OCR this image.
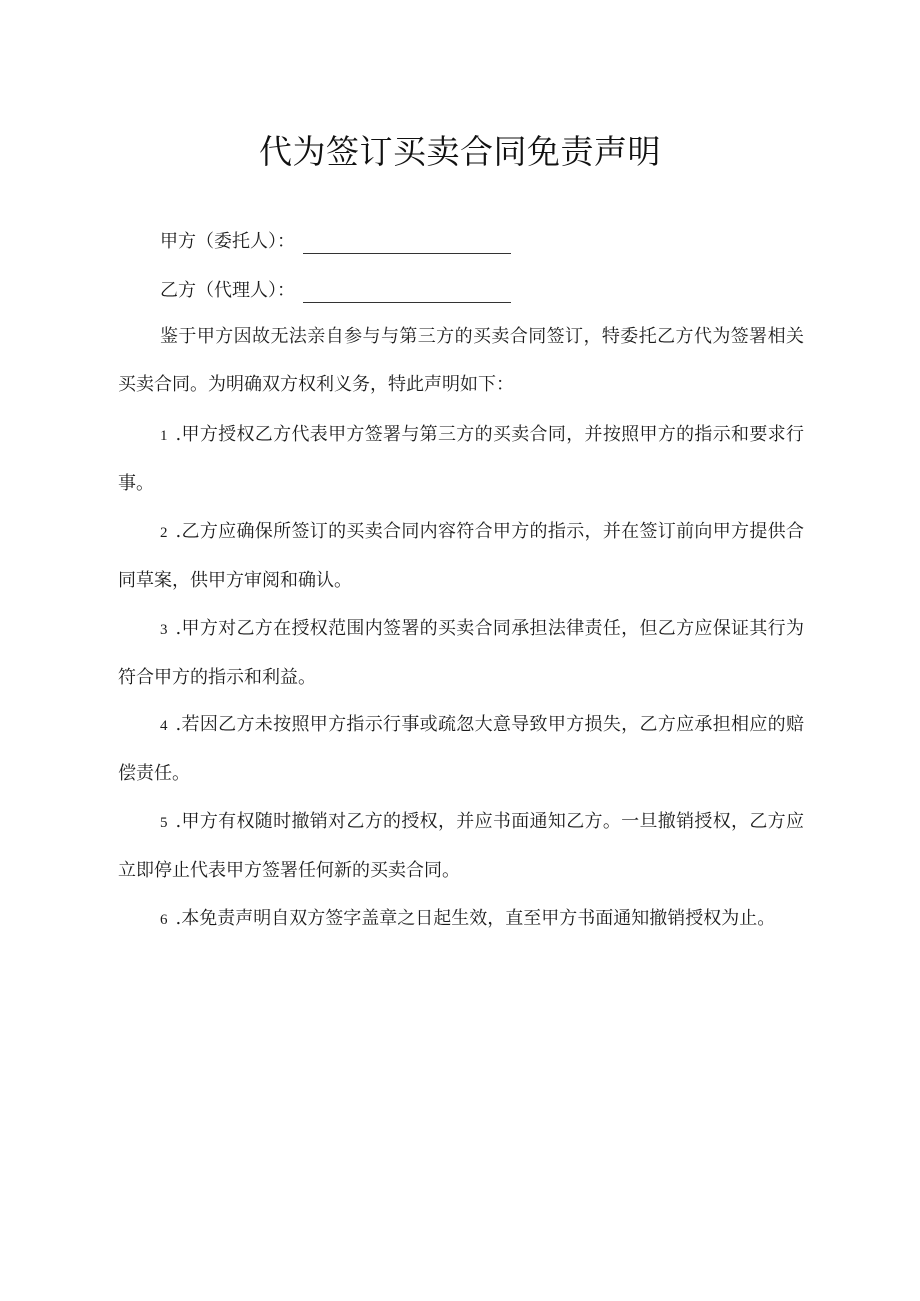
代为签订买卖合同免责声明
甲方（委托人）：
乙方（代理人）：

鉴于甲方因故无法亲自参与与第三方的买卖合同签订，特委托乙方代为签署相关买卖合同。为明确双方权利义务，特此声明如下：

1 .甲方授权乙方代表甲方签署与第三方的买卖合同，并按照甲方的指示和要求行事。

2 .乙方应确保所签订的买卖合同内容符合甲方的指示，并在签订前向甲方提供合同草案，供甲方审阅和确认。

3 .甲方对乙方在授权范围内签署的买卖合同承担法律责任，但乙方应保证其行为符合甲方的指示和利益。

4 .若因乙方未按照甲方指示行事或疏忽大意导致甲方损失，乙方应承担相应的赔偿责任。

5 .甲方有权随时撤销对乙方的授权，并应书面通知乙方。一旦撤销授权，乙方应立即停止代表甲方签署任何新的买卖合同。

6 .本免责声明自双方签字盖章之日起生效，直至甲方书面通知撤销授权为止。
